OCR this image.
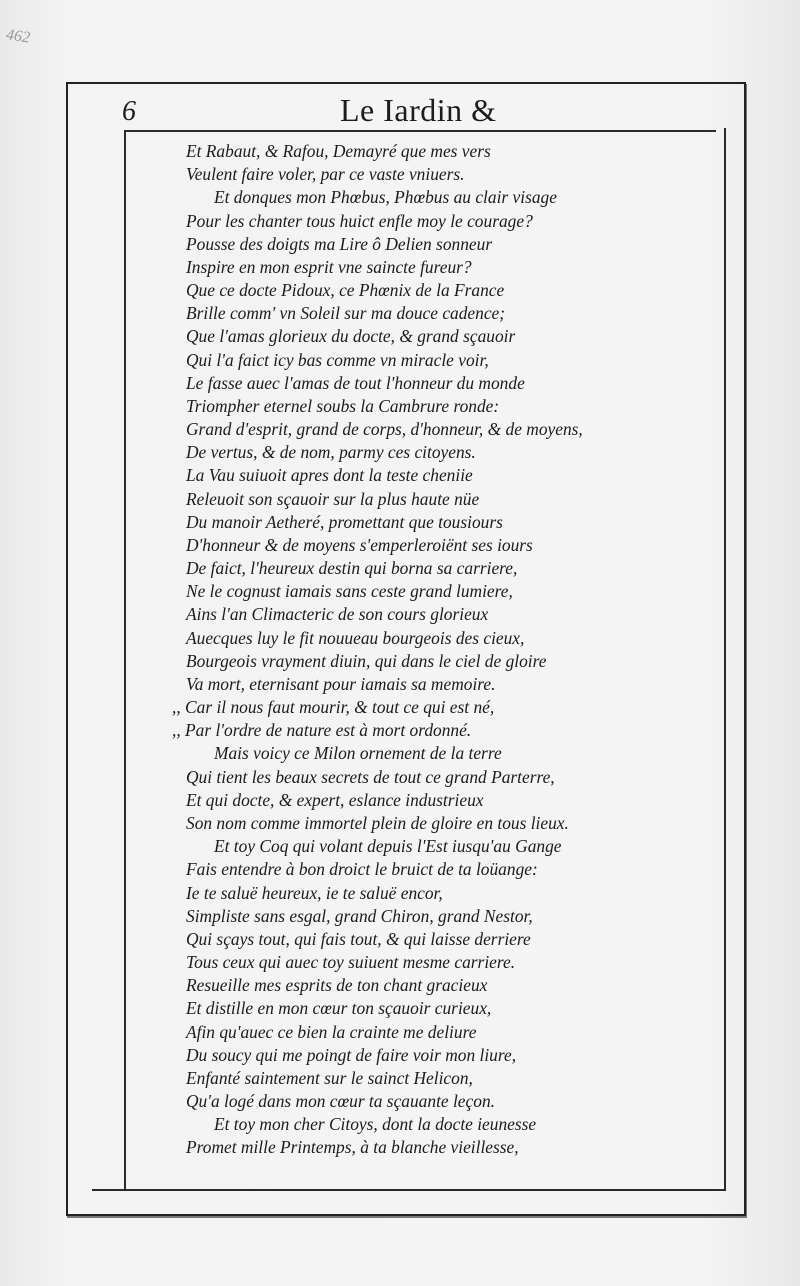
462
6	Le Iardin &
Et Rabaut, & Rafou, Demayré que mes vers
Veulent faire voler, par ce vaste vniuers.
Et donques mon Phœbus, Phœbus au clair visage
Pour les chanter tous huict enfle moy le courage?
Pousse des doigts ma Lire ô Delien sonneur
Inspire en mon esprit vne saincte fureur?
Que ce docte Pidoux, ce Phœnix de la France
Brille comm' vn Soleil sur ma douce cadence;
Que l'amas glorieux du docte, & grand sçauoir
Qui l'a faict icy bas comme vn miracle voir,
Le fasse auec l'amas de tout l'honneur du monde
Triompher eternel soubs la Cambrure ronde:
Grand d'esprit, grand de corps, d'honneur, & de moyens,
De vertus, & de nom, parmy ces citoyens.
La Vau suiuoit apres dont la teste cheniie
Releuoit son sçauoir sur la plus haute nüe
Du manoir Aetheré, promettant que tousiours
D'honneur & de moyens s'emperleroiënt ses iours
De faict, l'heureux destin qui borna sa carriere,
Ne le cognust iamais sans ceste grand lumiere,
Ains l'an Climacteric de son cours glorieux
Auecques luy le fit nouueau bourgeois des cieux,
Bourgeois vrayment diuin, qui dans le ciel de gloire
Va mort, eternisant pour iamais sa memoire.
,, Car il nous faut mourir, & tout ce qui est né,
,, Par l'ordre de nature est à mort ordonné.
Mais voicy ce Milon ornement de la terre
Qui tient les beaux secrets de tout ce grand Parterre,
Et qui docte, & expert, eslance industrieux
Son nom comme immortel plein de gloire en tous lieux.
Et toy Coq qui volant depuis l'Est iusqu'au Gange
Fais entendre à bon droict le bruict de ta loüange:
Ie te saluë heureux, ie te saluë encor,
Simpliste sans esgal, grand Chiron, grand Nestor,
Qui sçays tout, qui fais tout, & qui laisse derriere
Tous ceux qui auec toy suiuent mesme carriere.
Resueille mes esprits de ton chant gracieux
Et distille en mon cœur ton sçauoir curieux,
Afin qu'auec ce bien la crainte me deliure
Du soucy qui me poingt de faire voir mon liure,
Enfanté saintement sur le sainct Helicon,
Qu'a logé dans mon cœur ta sçauante leçon.
Et toy mon cher Citoys, dont la docte ieunesse
Promet mille Printemps, à ta blanche vieillesse,
